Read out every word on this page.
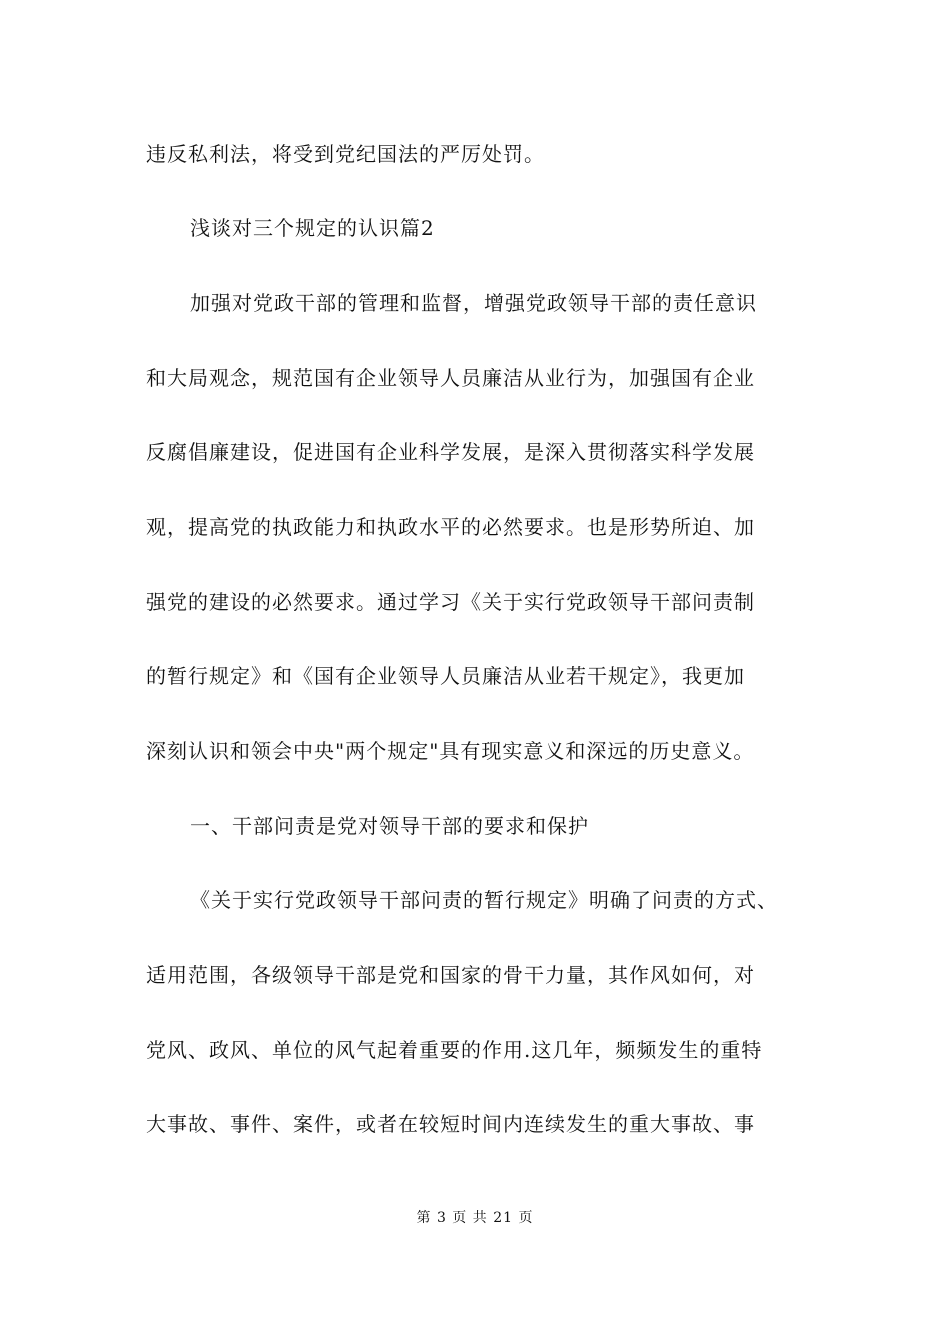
违反私利法，将受到党纪国法的严厉处罚。
浅谈对三个规定的认识篇2
加强对党政干部的管理和监督，增强党政领导干部的责任意识
和大局观念，规范国有企业领导人员廉洁从业行为，加强国有企业
反腐倡廉建设，促进国有企业科学发展，是深入贯彻落实科学发展
观，提高党的执政能力和执政水平的必然要求。也是形势所迫、加
强党的建设的必然要求。通过学习《关于实行党政领导干部问责制
的暂行规定》和《国有企业领导人员廉洁从业若干规定》，我更加
深刻认识和领会中央"两个规定"具有现实意义和深远的历史意义。
一、干部问责是党对领导干部的要求和保护
《关于实行党政领导干部问责的暂行规定》明确了问责的方式、
适用范围，各级领导干部是党和国家的骨干力量，其作风如何，对
党风、政风、单位的风气起着重要的作用.这几年，频频发生的重特
大事故、事件、案件，或者在较短时间内连续发生的重大事故、事
第 3 页 共 21 页
